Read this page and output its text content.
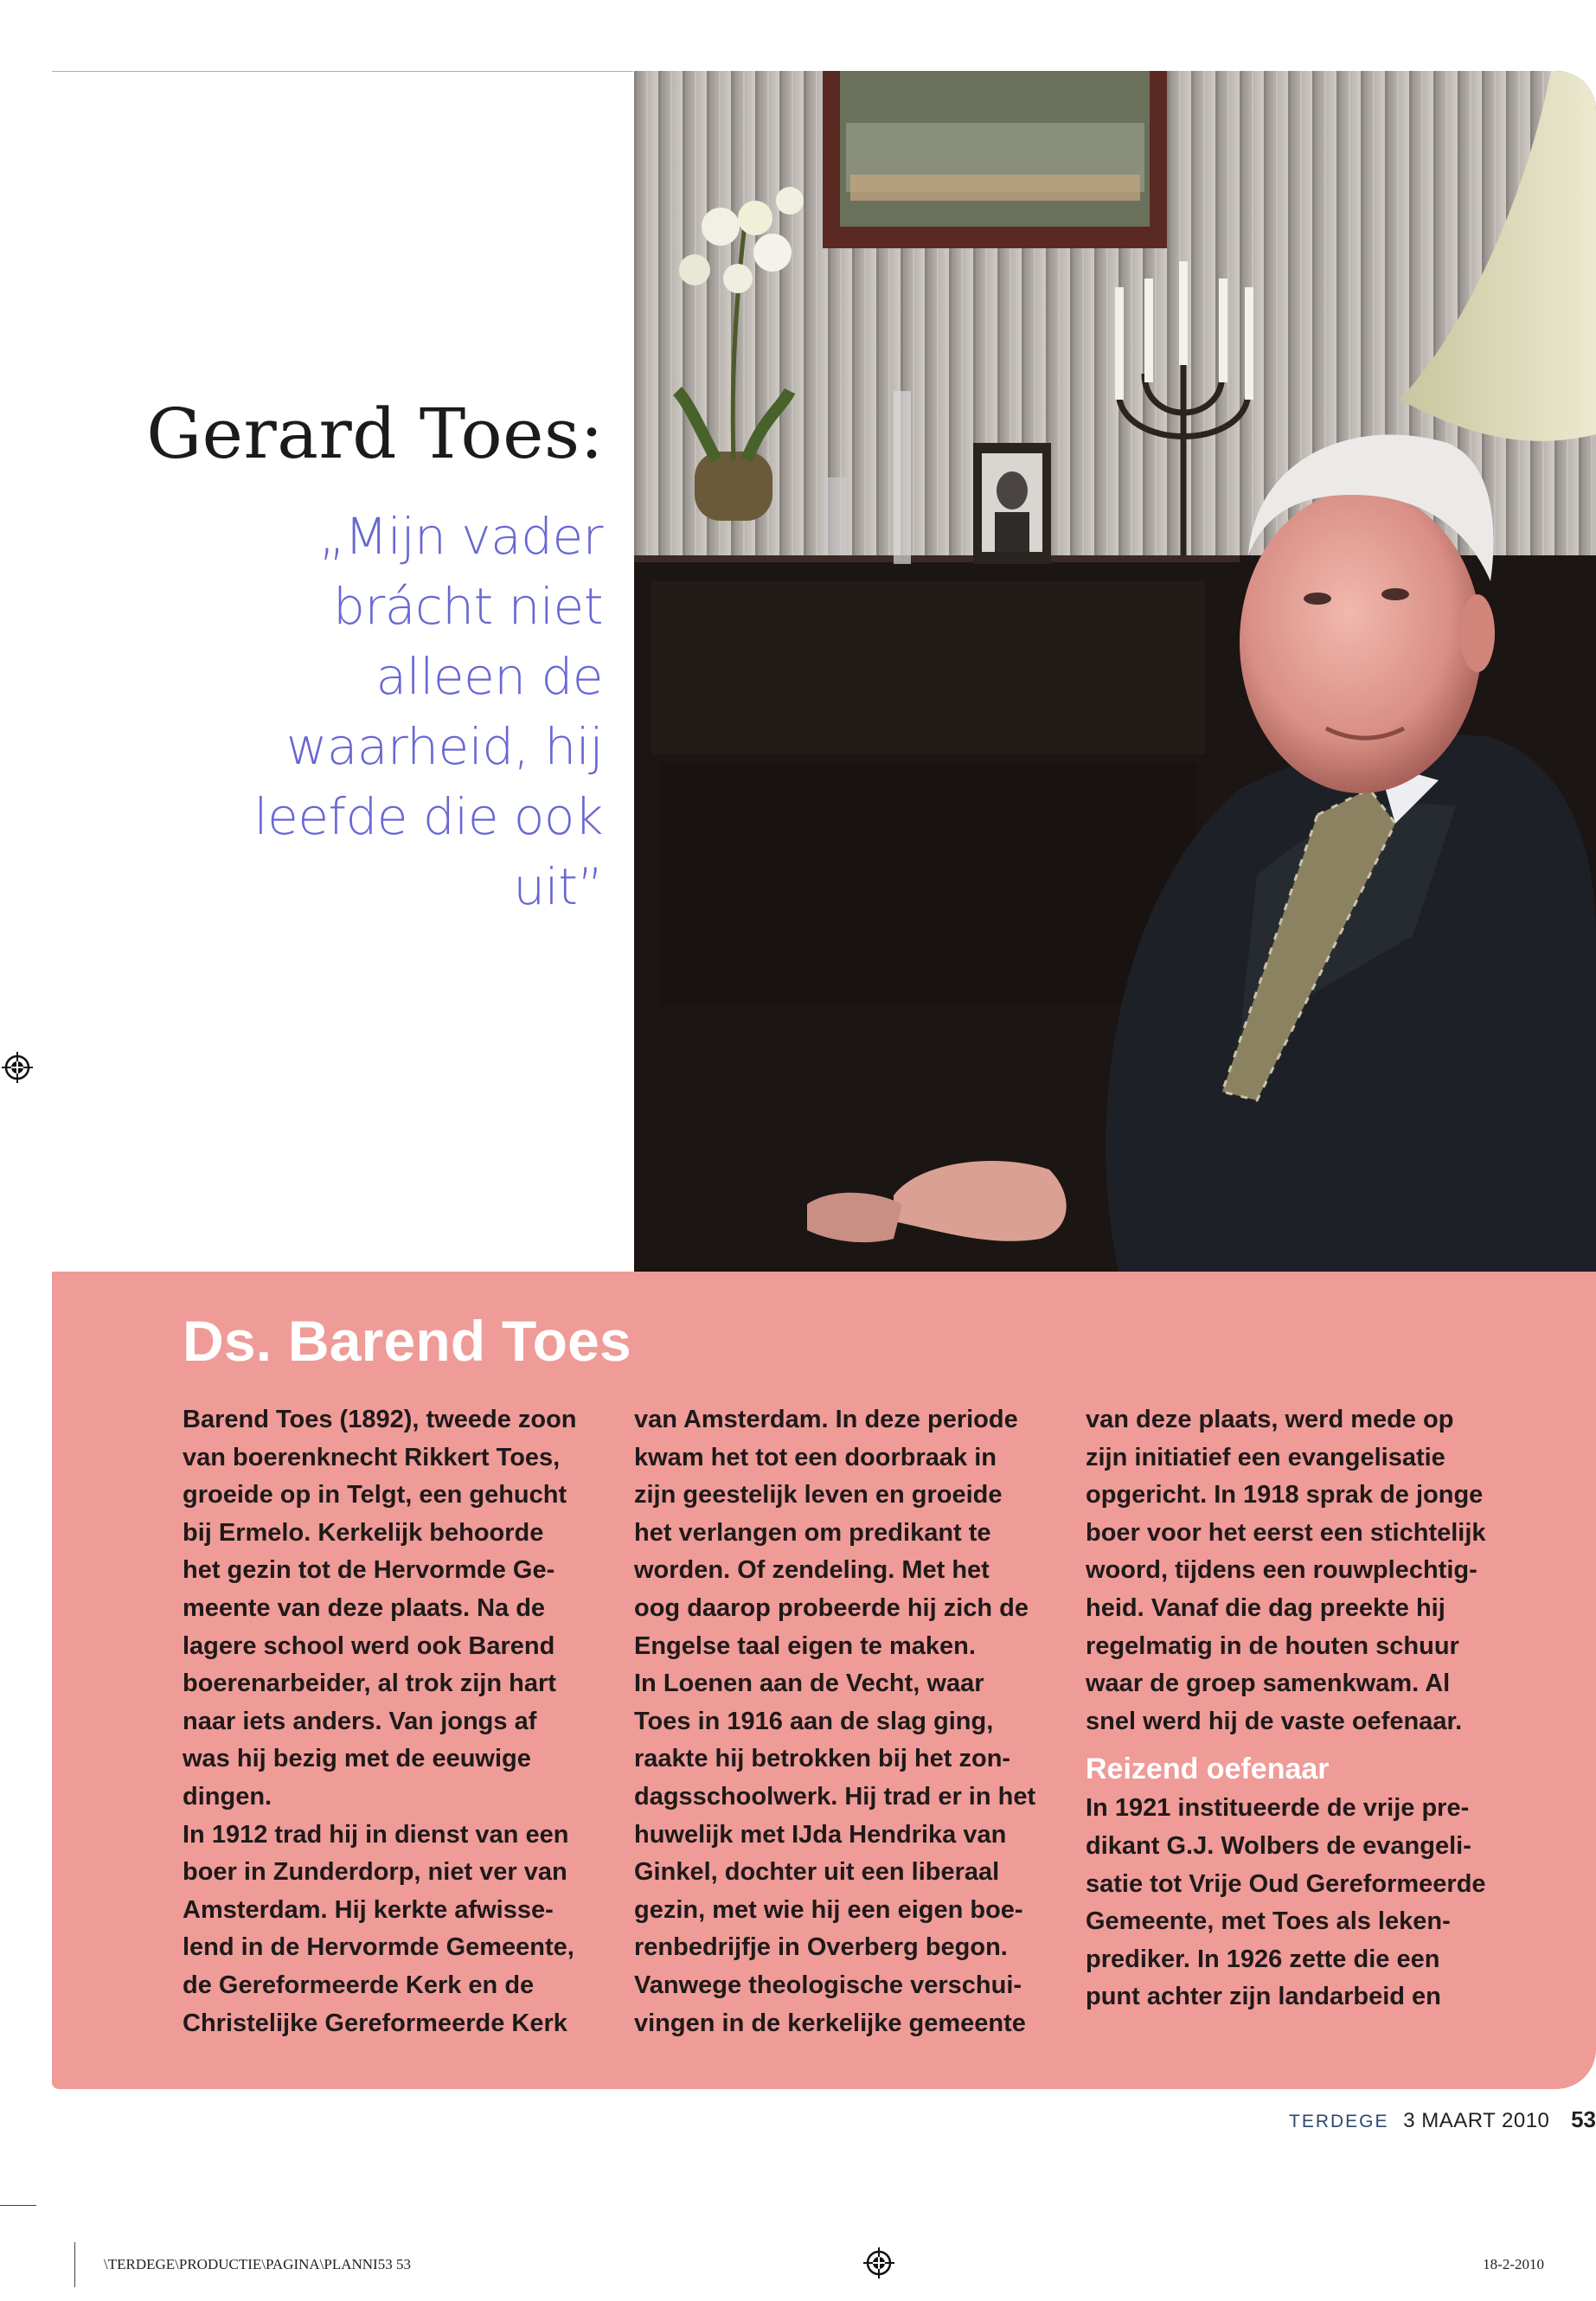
Gerard Toes:
„Mijn vader brácht niet alleen de waarheid, hij leefde die ook uit”
Ds. Barend Toes
Barend Toes (1892), tweede zoon
van boerenknecht Rikkert Toes,
groeide op in Telgt, een gehucht
bij Ermelo. Kerkelijk behoorde
het gezin tot de Hervormde Ge-
meente van deze plaats. Na de
lagere school werd ook Barend
boerenarbeider, al trok zijn hart
naar iets anders. Van jongs af
was hij bezig met de eeuwige
dingen.
In 1912 trad hij in dienst van een
boer in Zunderdorp, niet ver van
Amsterdam. Hij kerkte afwisse-
lend in de Hervormde Gemeente,
de Gereformeerde Kerk en de
Christelijke Gereformeerde Kerk
van Amsterdam. In deze periode
kwam het tot een doorbraak in
zijn geestelijk leven en groeide
het verlangen om predikant te
worden. Of zendeling. Met het
oog daarop probeerde hij zich de
Engelse taal eigen te maken.
In Loenen aan de Vecht, waar
Toes in 1916 aan de slag ging,
raakte hij betrokken bij het zon-
dagsschoolwerk. Hij trad er in het
huwelijk met IJda Hendrika van
Ginkel, dochter uit een liberaal
gezin, met wie hij een eigen boe-
renbedrijfje in Overberg begon.
Vanwege theologische verschui-
vingen in de kerkelijke gemeente
van deze plaats, werd mede op
zijn initiatief een evangelisatie
opgericht. In 1918 sprak de jonge
boer voor het eerst een stichtelijk
woord, tijdens een rouwplechtig-
heid. Vanaf die dag preekte hij
regelmatig in de houten schuur
waar de groep samenkwam. Al
snel werd hij de vaste oefenaar.
Reizend oefenaar
In 1921 institueerde de vrije pre-
dikant G.J. Wolbers de evangeli-
satie tot Vrije Oud Gereformeerde
Gemeente, met Toes als leken-
prediker. In 1926 zette die een
punt achter zijn landarbeid en
TERDEGE 3 MAART 2010 53
\TERDEGE\PRODUCTIE\PAGINA\PLANNI53 53	18-2-2010
